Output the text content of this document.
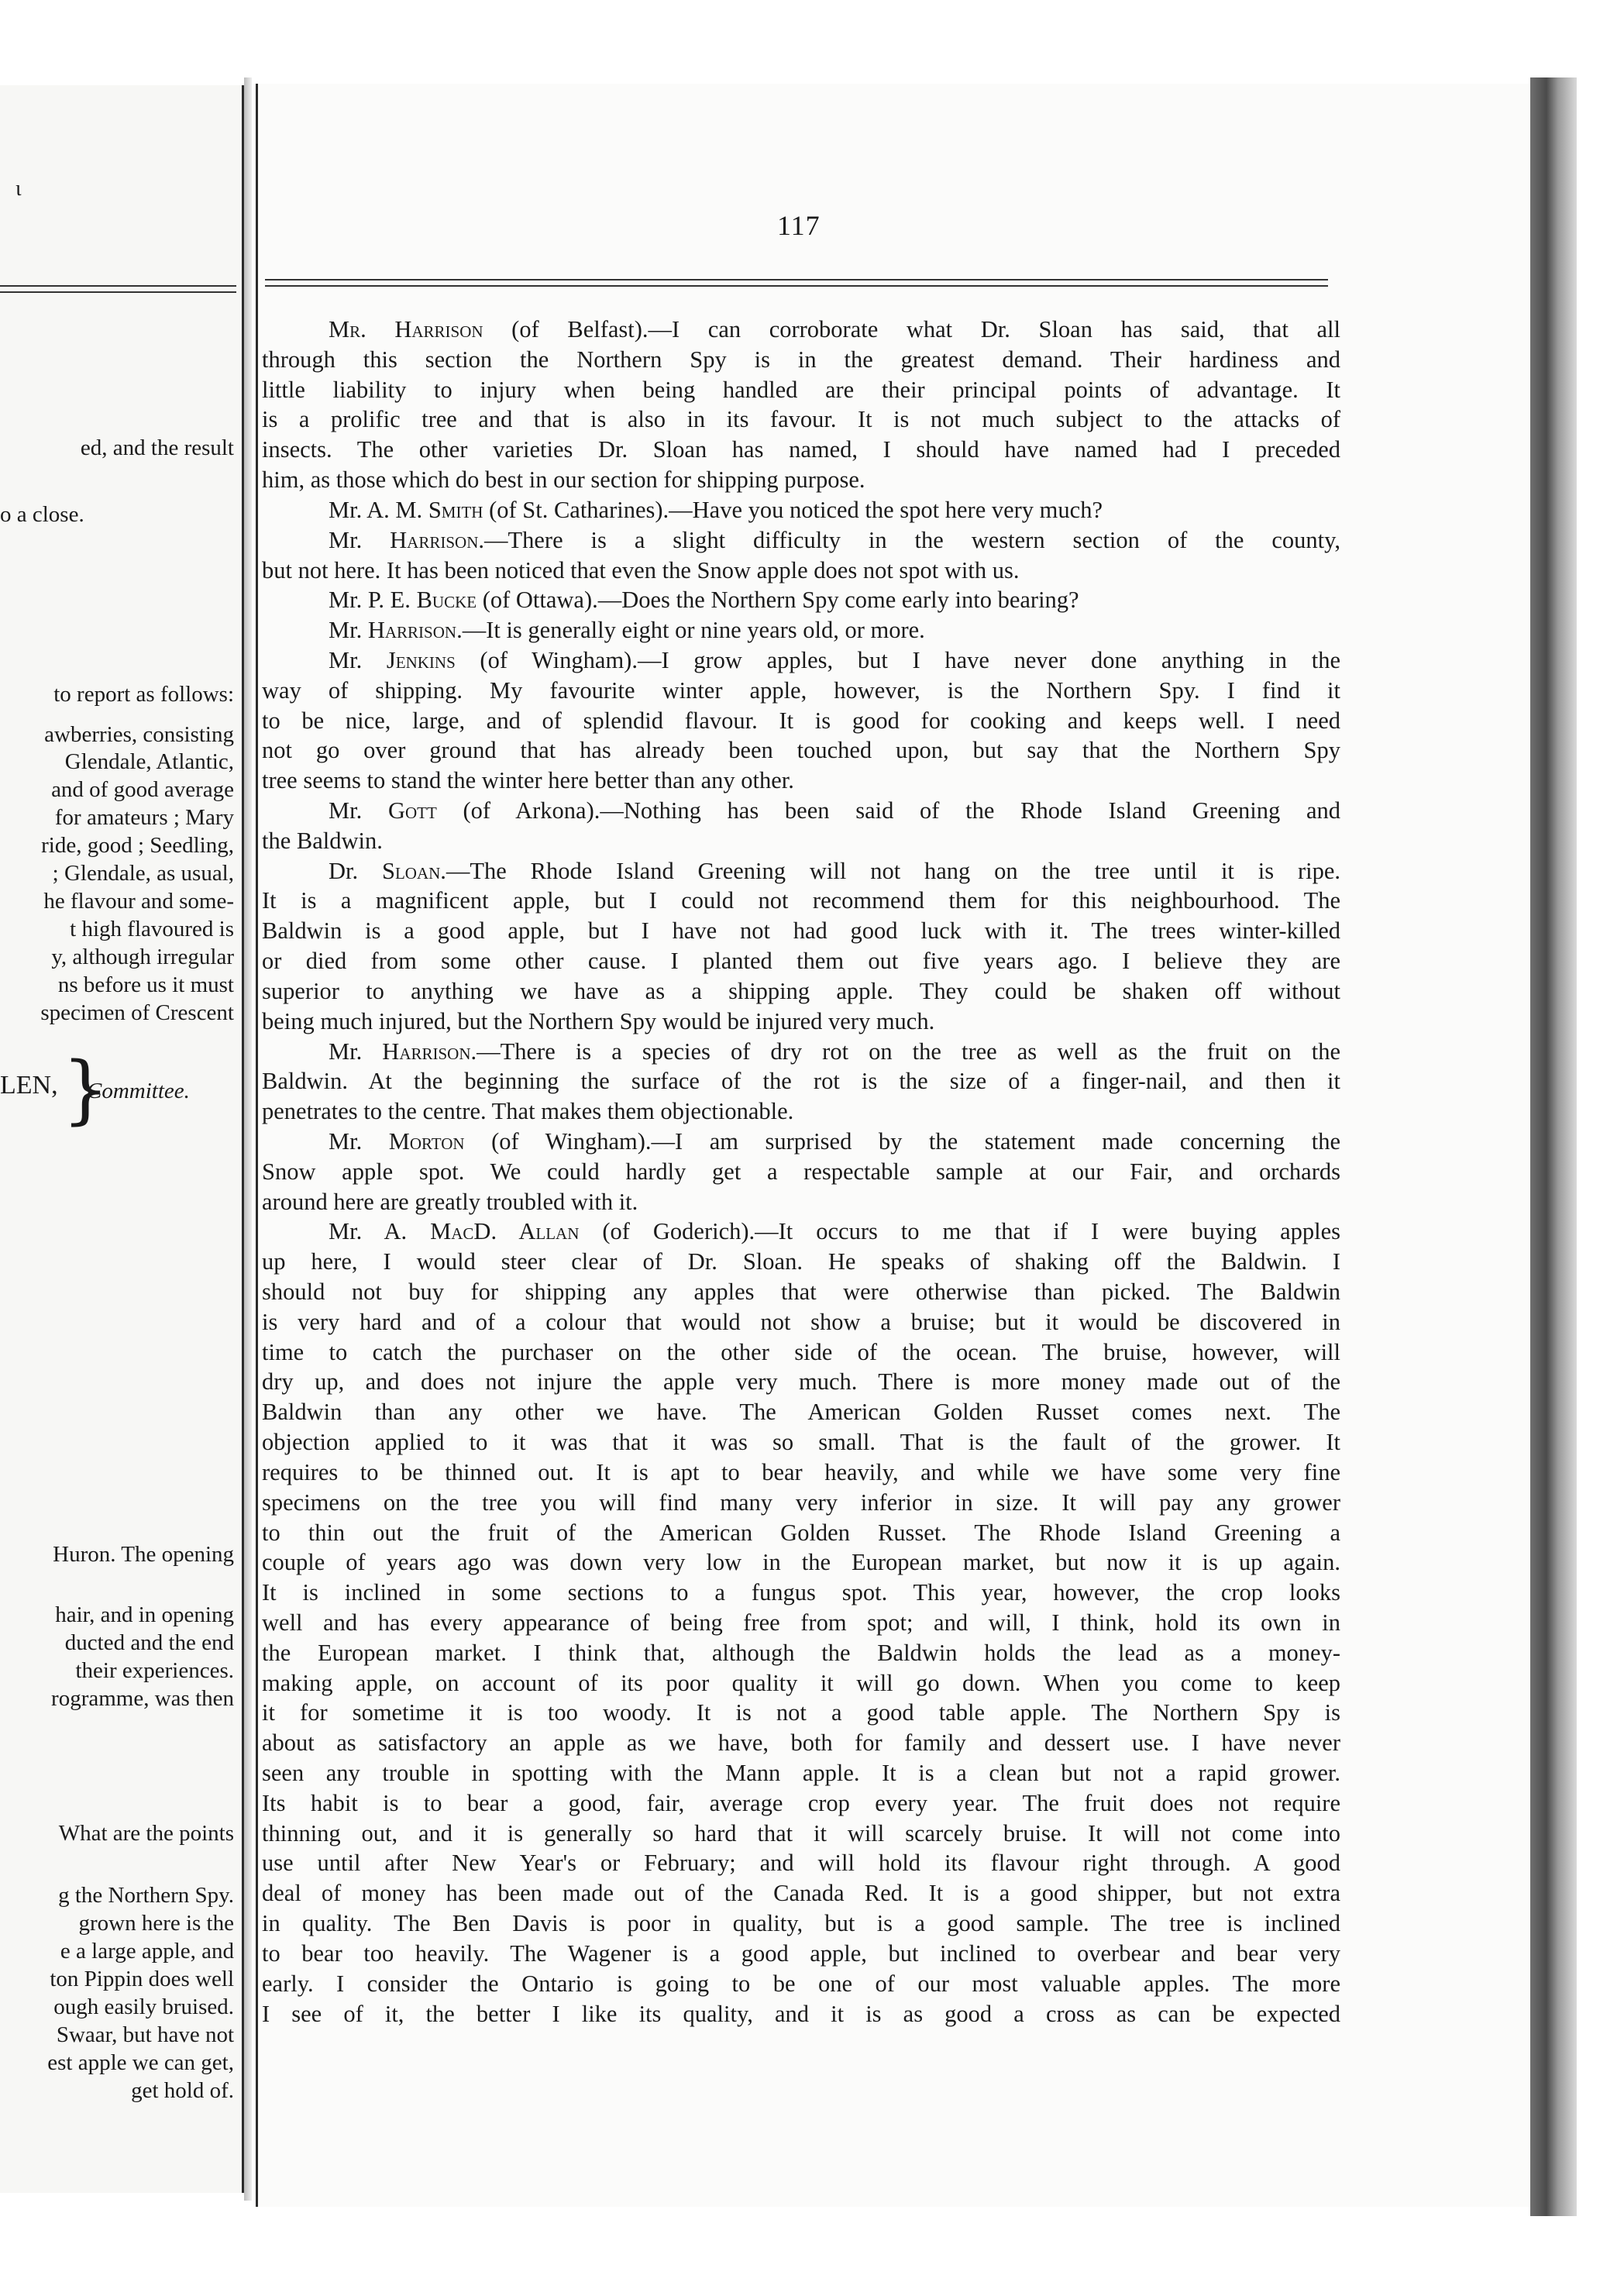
ɩ
ed, and the result
o a close.
to report as follows:
awberries, consisting
Glendale, Atlantic,
and of good average
for amateurs ; Mary
ride, good ; Seedling,
; Glendale, as usual,
he flavour and some-
t high flavoured is
y, although irregular
ns before us it must
specimen of Crescent
LEN, }
Committee.
Huron. The opening
hair, and in opening
ducted and the end
their experiences.
rogramme, was then
What are the points
g the Northern Spy.
grown here is the
e a large apple, and
ton Pippin does well
ough easily bruised.
Swaar, but have not
est apple we can get,
get hold of.
117
Mr. Harrison (of Belfast).—I can corroborate what Dr. Sloan has said, that all
through this section the Northern Spy is in the greatest demand. Their hardiness and
little liability to injury when being handled are their principal points of advantage. It
is a prolific tree and that is also in its favour. It is not much subject to the attacks of
insects. The other varieties Dr. Sloan has named, I should have named had I preceded
him, as those which do best in our section for shipping purpose.
Mr. A. M. Smith (of St. Catharines).—Have you noticed the spot here very much?
Mr. Harrison.—There is a slight difficulty in the western section of the county,
but not here. It has been noticed that even the Snow apple does not spot with us.
Mr. P. E. Bucke (of Ottawa).—Does the Northern Spy come early into bearing?
Mr. Harrison.—It is generally eight or nine years old, or more.
Mr. Jenkins (of Wingham).—I grow apples, but I have never done anything in the
way of shipping. My favourite winter apple, however, is the Northern Spy. I find it
to be nice, large, and of splendid flavour. It is good for cooking and keeps well. I need
not go over ground that has already been touched upon, but say that the Northern Spy
tree seems to stand the winter here better than any other.
Mr. Gott (of Arkona).—Nothing has been said of the Rhode Island Greening and
the Baldwin.
Dr. Sloan.—The Rhode Island Greening will not hang on the tree until it is ripe.
It is a magnificent apple, but I could not recommend them for this neighbourhood. The
Baldwin is a good apple, but I have not had good luck with it. The trees winter-killed
or died from some other cause. I planted them out five years ago. I believe they are
superior to anything we have as a shipping apple. They could be shaken off without
being much injured, but the Northern Spy would be injured very much.
Mr. Harrison.—There is a species of dry rot on the tree as well as the fruit on the
Baldwin. At the beginning the surface of the rot is the size of a finger-nail, and then it
penetrates to the centre. That makes them objectionable.
Mr. Morton (of Wingham).—I am surprised by the statement made concerning the
Snow apple spot. We could hardly get a respectable sample at our Fair, and orchards
around here are greatly troubled with it.
Mr. A. MacD. Allan (of Goderich).—It occurs to me that if I were buying apples
up here, I would steer clear of Dr. Sloan. He speaks of shaking off the Baldwin. I
should not buy for shipping any apples that were otherwise than picked. The Baldwin
is very hard and of a colour that would not show a bruise; but it would be discovered in
time to catch the purchaser on the other side of the ocean. The bruise, however, will
dry up, and does not injure the apple very much. There is more money made out of the
Baldwin than any other we have. The American Golden Russet comes next. The
objection applied to it was that it was so small. That is the fault of the grower. It
requires to be thinned out. It is apt to bear heavily, and while we have some very fine
specimens on the tree you will find many very inferior in size. It will pay any grower
to thin out the fruit of the American Golden Russet. The Rhode Island Greening a
couple of years ago was down very low in the European market, but now it is up again.
It is inclined in some sections to a fungus spot. This year, however, the crop looks
well and has every appearance of being free from spot; and will, I think, hold its own in
the European market. I think that, although the Baldwin holds the lead as a money-
making apple, on account of its poor quality it will go down. When you come to keep
it for sometime it is too woody. It is not a good table apple. The Northern Spy is
about as satisfactory an apple as we have, both for family and dessert use. I have never
seen any trouble in spotting with the Mann apple. It is a clean but not a rapid grower.
Its habit is to bear a good, fair, average crop every year. The fruit does not require
thinning out, and it is generally so hard that it will scarcely bruise. It will not come into
use until after New Year's or February; and will hold its flavour right through. A good
deal of money has been made out of the Canada Red. It is a good shipper, but not extra
in quality. The Ben Davis is poor in quality, but is a good sample. The tree is inclined
to bear too heavily. The Wagener is a good apple, but inclined to overbear and bear very
early. I consider the Ontario is going to be one of our most valuable apples. The more
I see of it, the better I like its quality, and it is as good a cross as can be expected
